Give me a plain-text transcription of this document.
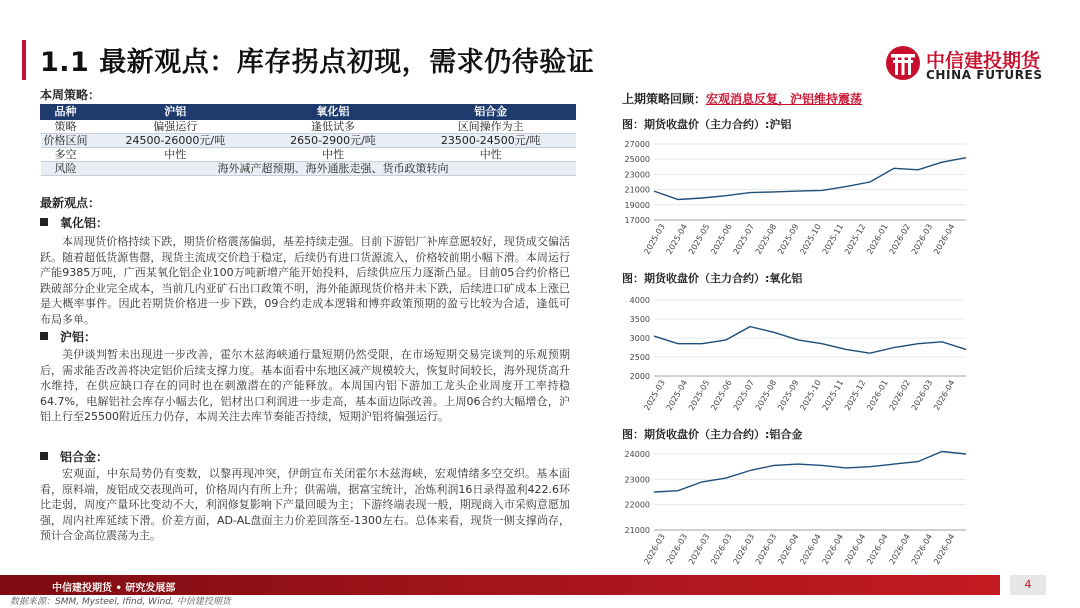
1.1 最新观点：库存拐点初现，需求仍待验证	中信建投期货
CHINA FUTURES
本周策略：
品种	沪铝	氧化铝	铝合金
策略	偏强运行	逢低试多	区间操作为主
价格区间	24500-26000元/吨	2650-2900元/吨	23500-24500元/吨
多空	中性	中性	中性
风险	海外减产超预期、海外通胀走强、货币政策转向		
最新观点：
氧化铝：
本周现货价格持续下跌，期货价格震荡偏弱，基差持续走强。目前下游铝厂补库意愿较好，现货成交偏活跃。随着超低货源售罄，现货主流成交价趋于稳定，后续仍有进口货源流入，价格较前期小幅下滑。本周运行产能9385万吨，广西某氧化铝企业100万吨新增产能开始投料，后续供应压力逐渐凸显。目前05合约价格已跌破部分企业完全成本，当前几内亚矿石出口政策不明，海外能源现货价格并未下跌，后续进口矿成本上涨已是大概率事件。因此若期货价格进一步下跌，09合约走成本逻辑和博弈政策预期的盈亏比较为合适，逢低可布局多单。
沪铝：
美伊谈判暂未出现进一步改善，霍尔木兹海峡通行量短期仍然受限，在市场短期交易完谈判的乐观预期后，需求能否改善将决定铝价后续支撑力度。基本面看中东地区减产规模较大，恢复时间较长，海外现货高升水维持，在供应缺口存在的同时也在刺激潜在的产能释放。本周国内铝下游加工龙头企业周度开工率持稳64.7%，电解铝社会库存小幅去化，铝材出口利润进一步走高，基本面边际改善。上周06合约大幅增仓，沪铝上行至25500附近压力仍存，本周关注去库节奏能否持续，短期沪铝将偏强运行。
铝合金：
宏观面，中东局势仍有变数，以黎再现冲突，伊朗宣布关闭霍尔木兹海峡，宏观情绪多空交织。基本面看，原料端，废铝成交表现尚可，价格周内有所上升；供需端，据富宝统计，冶炼利润16日录得盈利422.6环比走弱，周度产量环比变动不大，利润修复影响下产量回暖为主；下游终端表现一般，期现商入市采购意愿加强，周内社库延续下滑。价差方面，AD-AL盘面主力价差回落至-1300左右。总体来看，现货一侧支撑尚存，预计合金高位震荡为主。
上期策略回顾：宏观消息反复，沪铝维持震荡
图：期货收盘价（主力合约）:沪铝
17000
19000
21000
23000
25000
27000
2025-03
2025-04
2025-05
2025-06
2025-07
2025-08
2025-09
2025-10
2025-11
2025-12
2026-01
2026-02
2026-03
2026-04
图：期货收盘价（主力合约）:氧化铝
2000
2500
3000
3500
4000
2025-03
2025-04
2025-05
2025-06
2025-07
2025-08
2025-09
2025-10
2025-11
2025-12
2026-01
2026-02
2026-03
2026-04
图：期货收盘价（主力合约）:铝合金
21000
22000
23000
24000
2026-03
2026-03
2026-03
2026-03
2026-03
2026-03
2026-04
2026-04
2026-04
2026-04
2026-04
2026-04
2026-04
2026-04
中信建投期货 • 研究发展部	4
数据来源：SMM, Mysteel, Ifind, Wind, 中信建投期货
